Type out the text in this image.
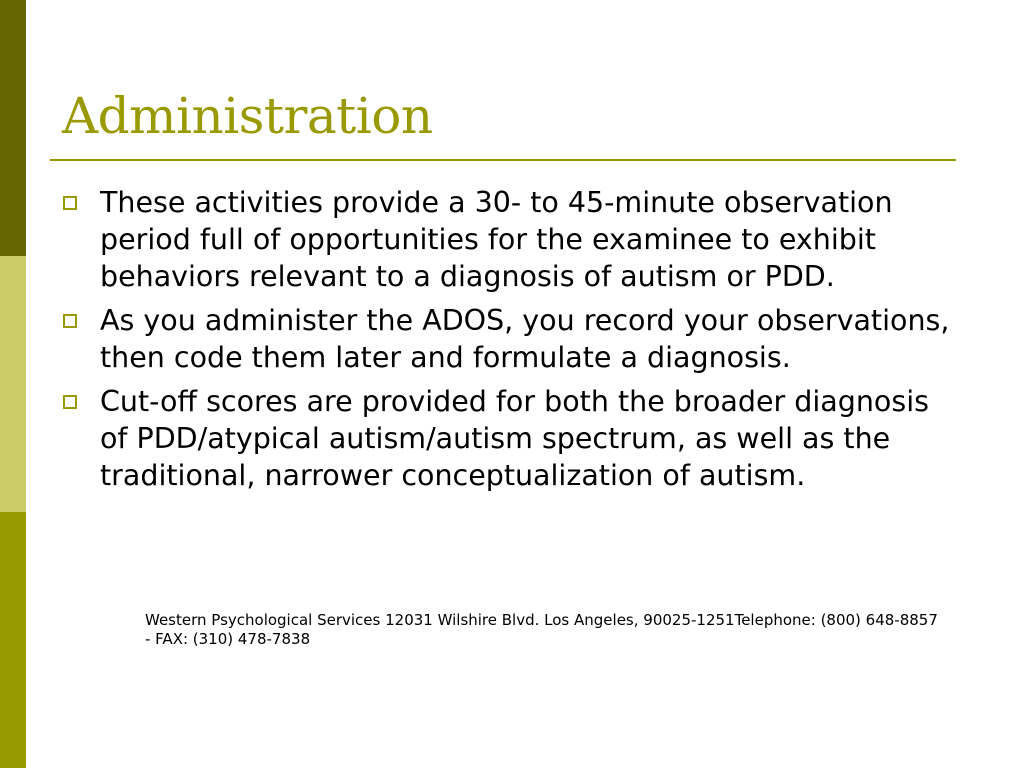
Administration
These activities provide a 30- to 45-minute observation period full of opportunities for the examinee to exhibit behaviors relevant to a diagnosis of autism or PDD.
As you administer the ADOS, you record your observations, then code them later and formulate a diagnosis.
Cut-off scores are provided for both the broader diagnosis of PDD/atypical autism/autism spectrum, as well as the traditional, narrower conceptualization of autism.

Western Psychological Services 12031 Wilshire Blvd. Los Angeles, 90025-1251Telephone: (800) 648-8857 - FAX: (310) 478-7838
